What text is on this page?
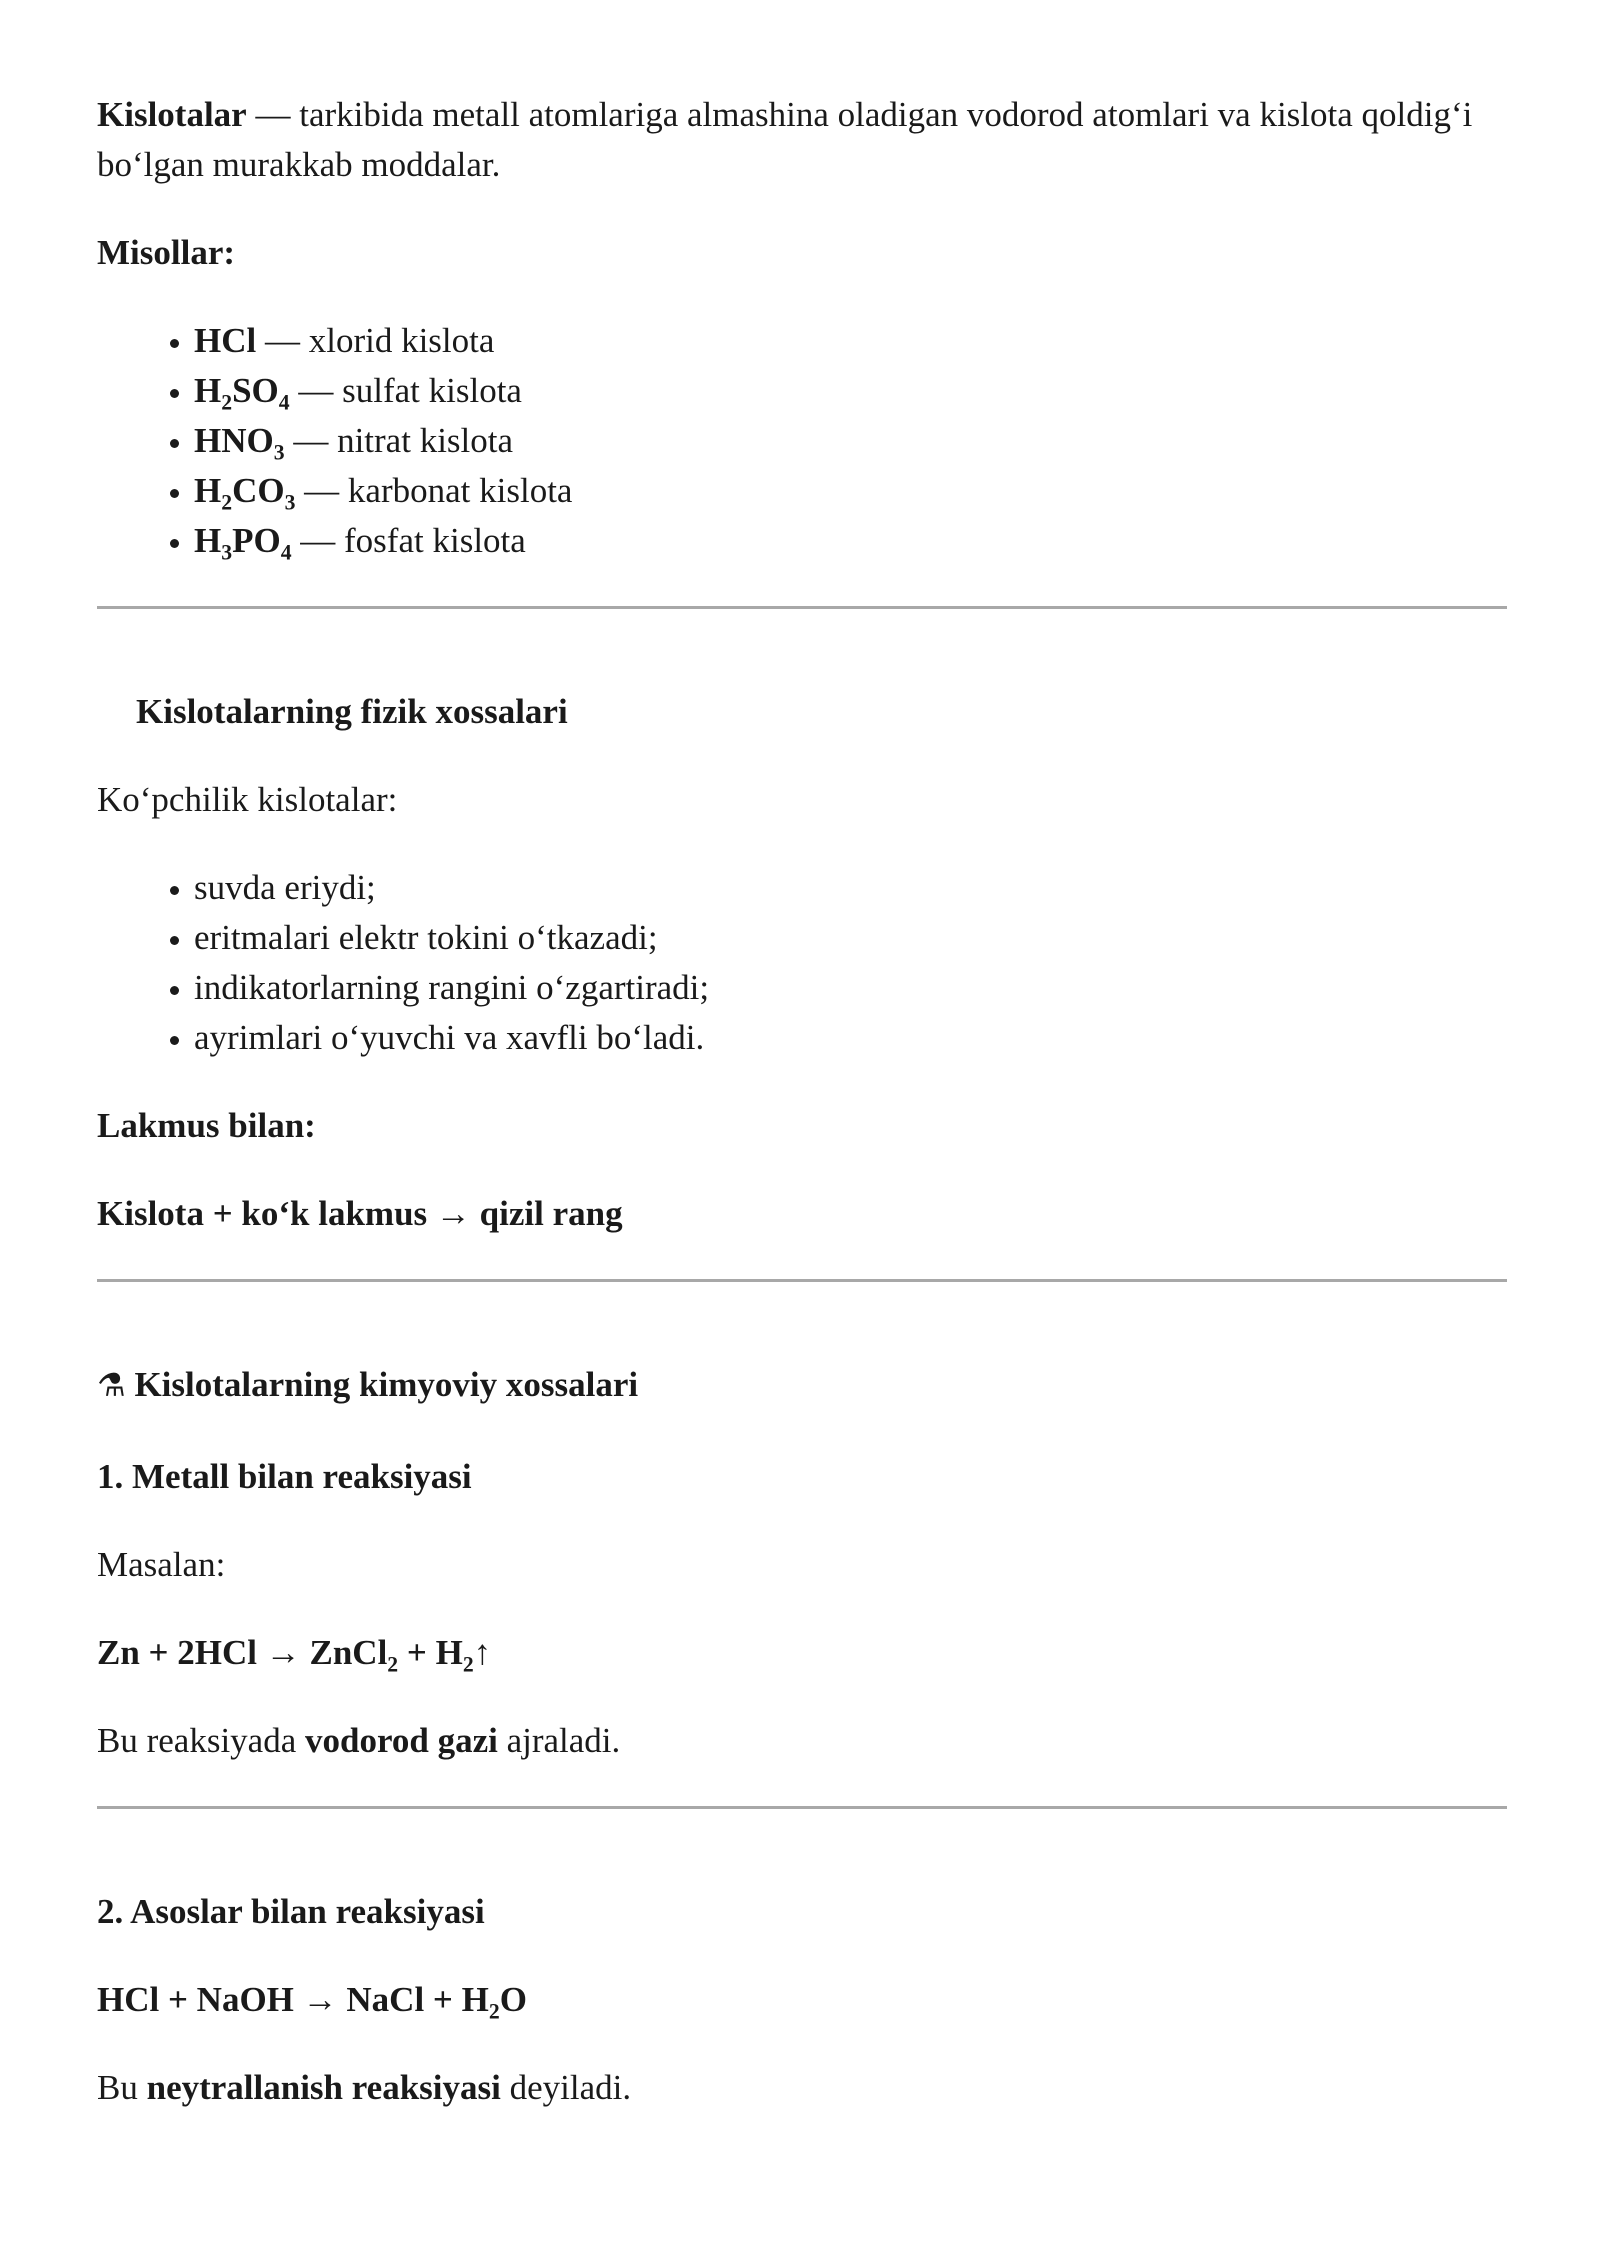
Kislotalar — tarkibida metall atomlariga almashina oladigan vodorod atomlari va kislota qoldig‘i bo‘lgan murakkab moddalar.

Misollar:

• HCl — xlorid kislota
• $H_2SO_4$ — sulfat kislota
• $HNO_3$ — nitrat kislota
• $H_2CO_3$ — karbonat kislota
• $H_3PO_4$ — fosfat kislota

Kislotalarning fizik xossalari

Ko‘pchilik kislotalar:

• suvda eriydi;
• eritmalari elektr tokini o‘tkazadi;
• indikatorlarning rangini o‘zgartiradi;
• ayrimlari o‘yuvchi va xavfli bo‘ladi.

Lakmus bilan:

Kislota + ko‘k lakmus → qizil rang

⚗ Kislotalarning kimyoviy xossalari

1. Metall bilan reaksiyasi

Masalan:

Zn + 2HCl → ZnCl$_2$ + $H_2↑$

Bu reaksiyada vodorod gazi ajraladi.

2. Asoslar bilan reaksiyasi

HCl + NaOH → NaCl + $H_2O$

Bu neytrallanish reaksiyasi deyiladi.
